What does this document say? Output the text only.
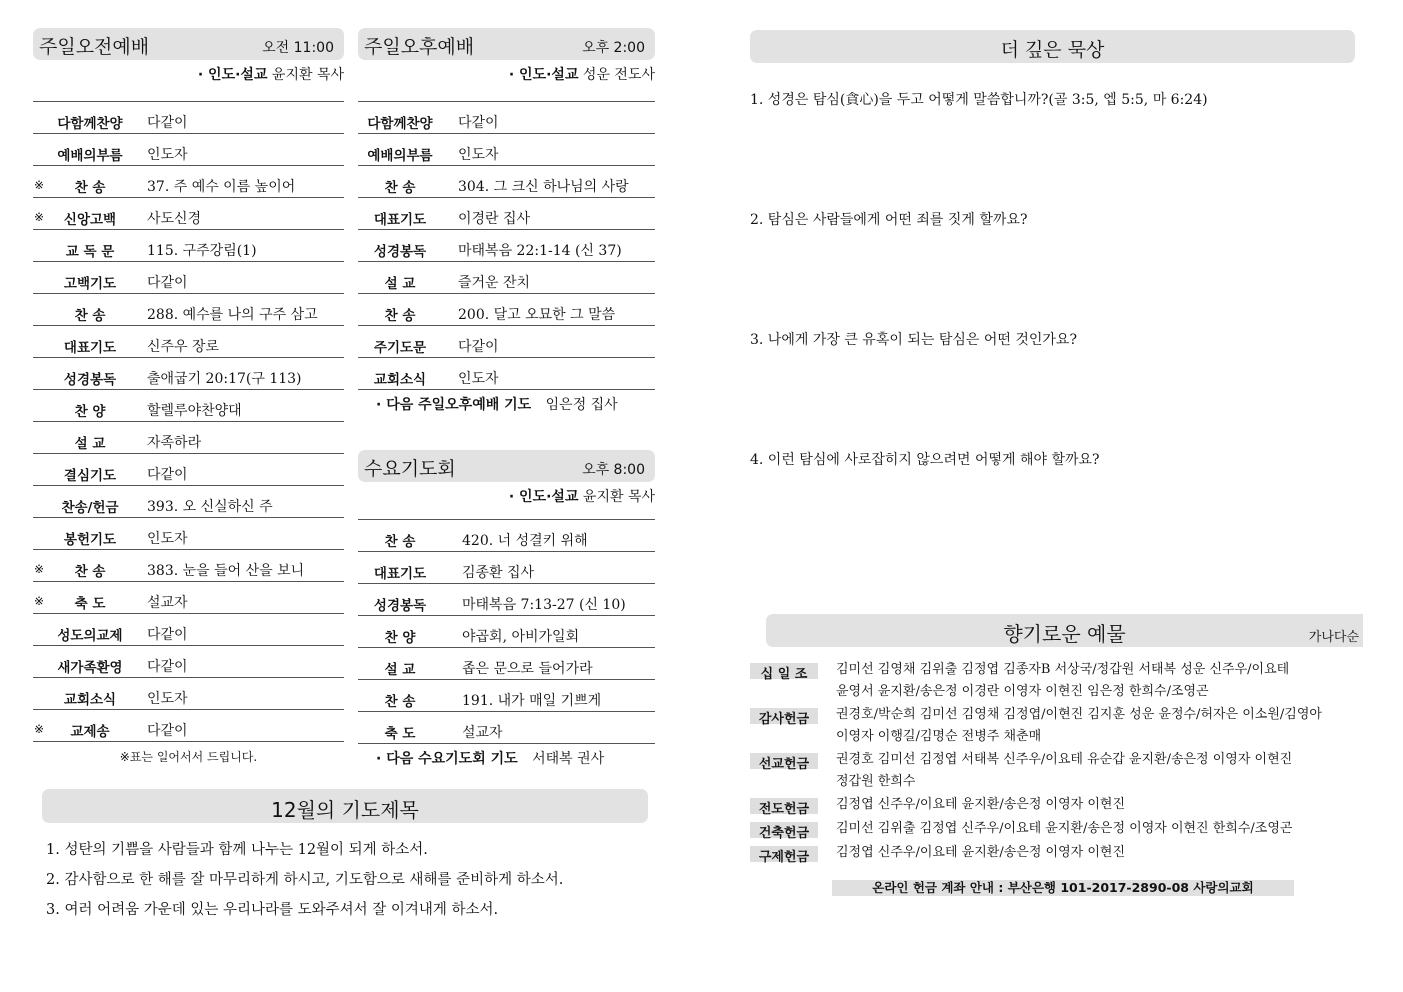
주일오전예배	오전 11:00
· 인도·설교 윤지환 목사
다함께찬양	다같이
예배의부름	인도자
※	찬 송	37. 주 예수 이름 높이어
※	신앙고백	사도신경
교 독 문	115. 구주강림(1)
고백기도	다같이
찬 송	288. 예수를 나의 구주 삼고
대표기도	신주우 장로
성경봉독	출애굽기 20:17(구 113)
찬 양	할렐루야찬양대
설 교	자족하라
결심기도	다같이
찬송/헌금	393. 오 신실하신 주
봉헌기도	인도자
※	찬 송	383. 눈을 들어 산을 보니
※	축 도	설교자
성도의교제	다같이
새가족환영	다같이
교회소식	인도자
※	교제송	다같이
※표는 일어서서 드립니다.
주일오후예배	오후 2:00
· 인도·설교 성운 전도사
다함께찬양	다같이
예배의부름	인도자
찬 송	304. 그 크신 하나님의 사랑
대표기도	이경란 집사
성경봉독	마태복음 22:1-14 (신 37)
설 교	즐거운 잔치
찬 송	200. 달고 오묘한 그 말씀
주기도문	다같이
교회소식	인도자
· 다음 주일오후예배 기도 임은정 집사
수요기도회	오후 8:00
· 인도·설교 윤지환 목사
찬 송	420. 너 성결키 위해
대표기도	김종환 집사
성경봉독	마태복음 7:13-27 (신 10)
찬 양	야곱회, 아비가일회
설 교	좁은 문으로 들어가라
찬 송	191. 내가 매일 기쁘게
축 도	설교자
· 다음 수요기도회 기도 서태복 권사
12월의 기도제목
1. 성탄의 기쁨을 사람들과 함께 나누는 12월이 되게 하소서.
2. 감사함으로 한 해를 잘 마무리하게 하시고, 기도함으로 새해를 준비하게 하소서.
3. 여러 어려움 가운데 있는 우리나라를 도와주셔서 잘 이겨내게 하소서.
더 깊은 묵상
1. 성경은 탐심(貪心)을 두고 어떻게 말씀합니까?(골 3:5, 엡 5:5, 마 6:24)
2. 탐심은 사람들에게 어떤 죄를 짓게 할까요?
3. 나에게 가장 큰 유혹이 되는 탐심은 어떤 것인가요?
4. 이런 탐심에 사로잡히지 않으려면 어떻게 해야 할까요?
향기로운 예물	가나다순
십 일 조	김미선 김영채 김위출 김정엽 김종자B 서상국/정갑원 서태복 성운 신주우/이요테
윤영서 윤지환/송은정 이경란 이영자 이현진 임은정 한희수/조영곤
감사헌금	권경호/박순희 김미선 김영채 김정엽/이현진 김지훈 성운 윤정수/허자은 이소원/김영아
이영자 이행길/김명순 전병주 채춘매
선교헌금	권경호 김미선 김정엽 서태복 신주우/이요테 유순갑 윤지환/송은정 이영자 이현진
정갑원 한희수
전도헌금	김정엽 신주우/이요테 윤지환/송은정 이영자 이현진
건축헌금	김미선 김위출 김정엽 신주우/이요테 윤지환/송은정 이영자 이현진 한희수/조영곤
구제헌금	김정엽 신주우/이요테 윤지환/송은정 이영자 이현진
온라인 헌금 계좌 안내 : 부산은행 101-2017-2890-08 사랑의교회
